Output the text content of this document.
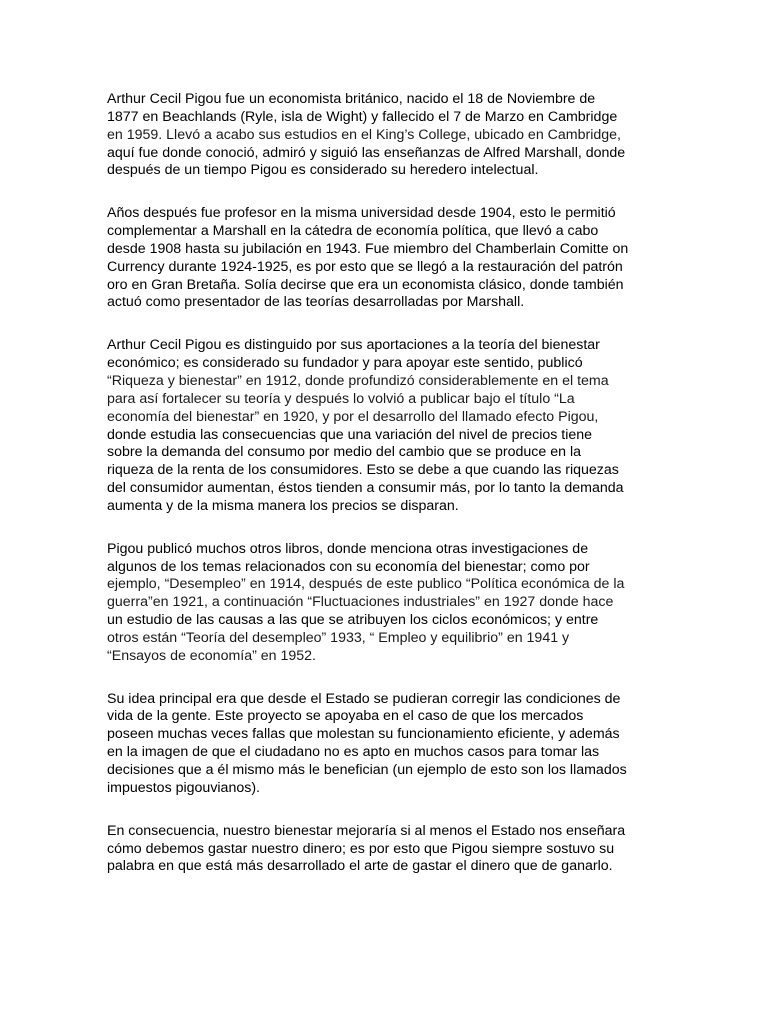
Arthur Cecil Pigou fue un economista británico, nacido el 18 de Noviembre de
1877 en Beachlands (Ryle, isla de Wight) y fallecido el 7 de Marzo en Cambridge
en 1959. Llevó a acabo sus estudios en el King’s College, ubicado en Cambridge,
aquí fue donde conoció, admiró y siguió las enseñanzas de Alfred Marshall, donde
después de un tiempo Pigou es considerado su heredero intelectual.

Años después fue profesor en la misma universidad desde 1904, esto le permitió
complementar a Marshall en la cátedra de economía política, que llevó a cabo
desde 1908 hasta su jubilación en 1943. Fue miembro del Chamberlain Comitte on
Currency durante 1924-1925, es por esto que se llegó a la restauración del patrón
oro en Gran Bretaña. Solía decirse que era un economista clásico, donde también
actuó como presentador de las teorías desarrolladas por Marshall.

Arthur Cecil Pigou es distinguido por sus aportaciones a la teoría del bienestar
económico; es considerado su fundador y para apoyar este sentido, publicó
“Riqueza y bienestar” en 1912, donde profundizó considerablemente en el tema
para así fortalecer su teoría y después lo volvió a publicar bajo el título “La
economía del bienestar” en 1920, y por el desarrollo del llamado efecto Pigou,
donde estudia las consecuencias que una variación del nivel de precios tiene
sobre la demanda del consumo por medio del cambio que se produce en la
riqueza de la renta de los consumidores. Esto se debe a que cuando las riquezas
del consumidor aumentan, éstos tienden a consumir más, por lo tanto la demanda
aumenta y de la misma manera los precios se disparan.

Pigou publicó muchos otros libros, donde menciona otras investigaciones de
algunos de los temas relacionados con su economía del bienestar; como por
ejemplo, “Desempleo” en 1914, después de este publico “Política económica de la
guerra”en 1921, a continuación “Fluctuaciones industriales” en 1927 donde hace
un estudio de las causas a las que se atribuyen los ciclos económicos; y entre
otros están “Teoría del desempleo” 1933, “ Empleo y equilibrio” en 1941 y
“Ensayos de economía” en 1952.

Su idea principal era que desde el Estado se pudieran corregir las condiciones de
vida de la gente. Este proyecto se apoyaba en el caso de que los mercados
poseen muchas veces fallas que molestan su funcionamiento eficiente, y además
en la imagen de que el ciudadano no es apto en muchos casos para tomar las
decisiones que a él mismo más le benefician (un ejemplo de esto son los llamados
impuestos pigouvianos).

En consecuencia, nuestro bienestar mejoraría si al menos el Estado nos enseñara
cómo debemos gastar nuestro dinero; es por esto que Pigou siempre sostuvo su
palabra en que está más desarrollado el arte de gastar el dinero que de ganarlo.
